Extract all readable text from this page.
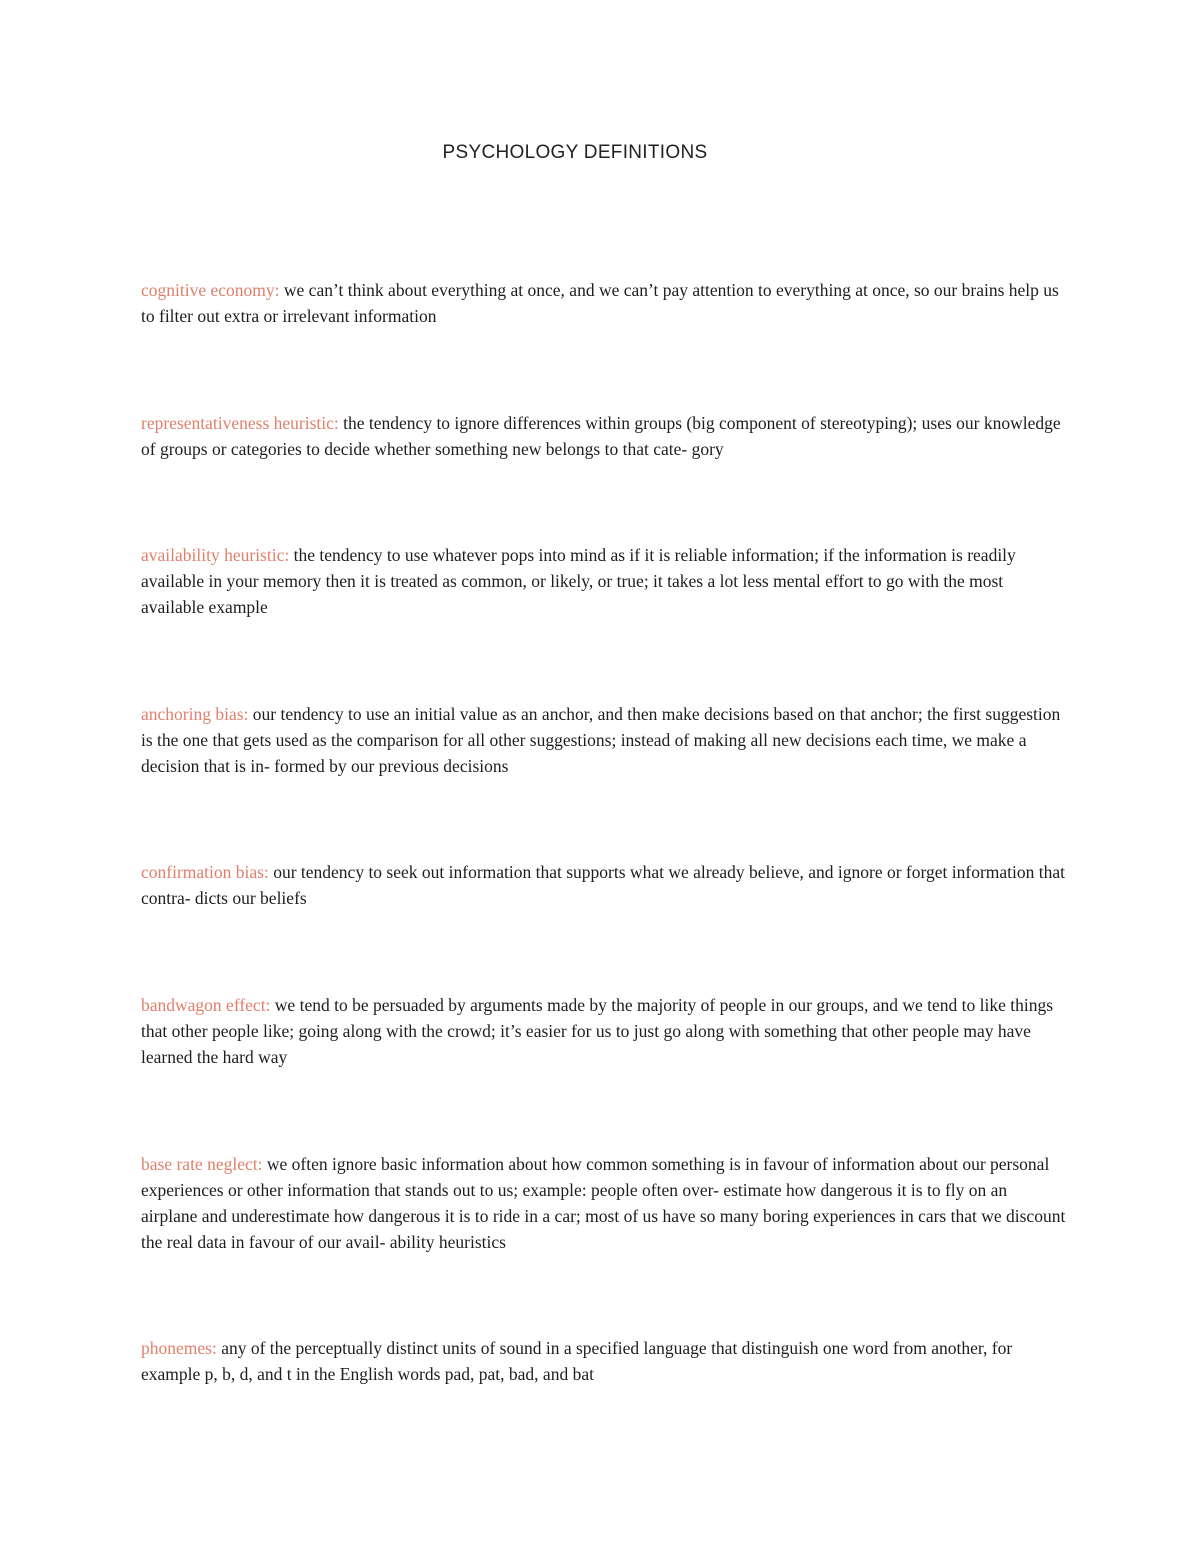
PSYCHOLOGY DEFINITIONS

cognitive economy: we can’t think about everything at once, and we can’t pay attention to everything at once, so our brains help us to filter out extra or irrelevant information

representativeness heuristic: the tendency to ignore differences within groups (big component of stereotyping); uses our knowledge of groups or categories to decide whether something new belongs to that cate- gory

availability heuristic: the tendency to use whatever pops into mind as if it is reliable information; if the information is readily available in your memory then it is treated as common, or likely, or true; it takes a lot less mental effort to go with the most available example

anchoring bias: our tendency to use an initial value as an anchor, and then make decisions based on that anchor; the first suggestion is the one that gets used as the comparison for all other suggestions; instead of making all new decisions each time, we make a decision that is in- formed by our previous decisions

confirmation bias: our tendency to seek out information that supports what we already believe, and ignore or forget information that contra- dicts our beliefs

bandwagon effect: we tend to be persuaded by arguments made by the majority of people in our groups, and we tend to like things that other people like; going along with the crowd; it’s easier for us to just go along with something that other people may have learned the hard way

base rate neglect: we often ignore basic information about how common something is in favour of information about our personal experiences or other information that stands out to us; example: people often over- estimate how dangerous it is to fly on an airplane and underestimate how dangerous it is to ride in a car; most of us have so many boring experiences in cars that we discount the real data in favour of our avail- ability heuristics

phonemes: any of the perceptually distinct units of sound in a specified language that distinguish one word from another, for example p, b, d, and t in the English words pad, pat, bad, and bat
